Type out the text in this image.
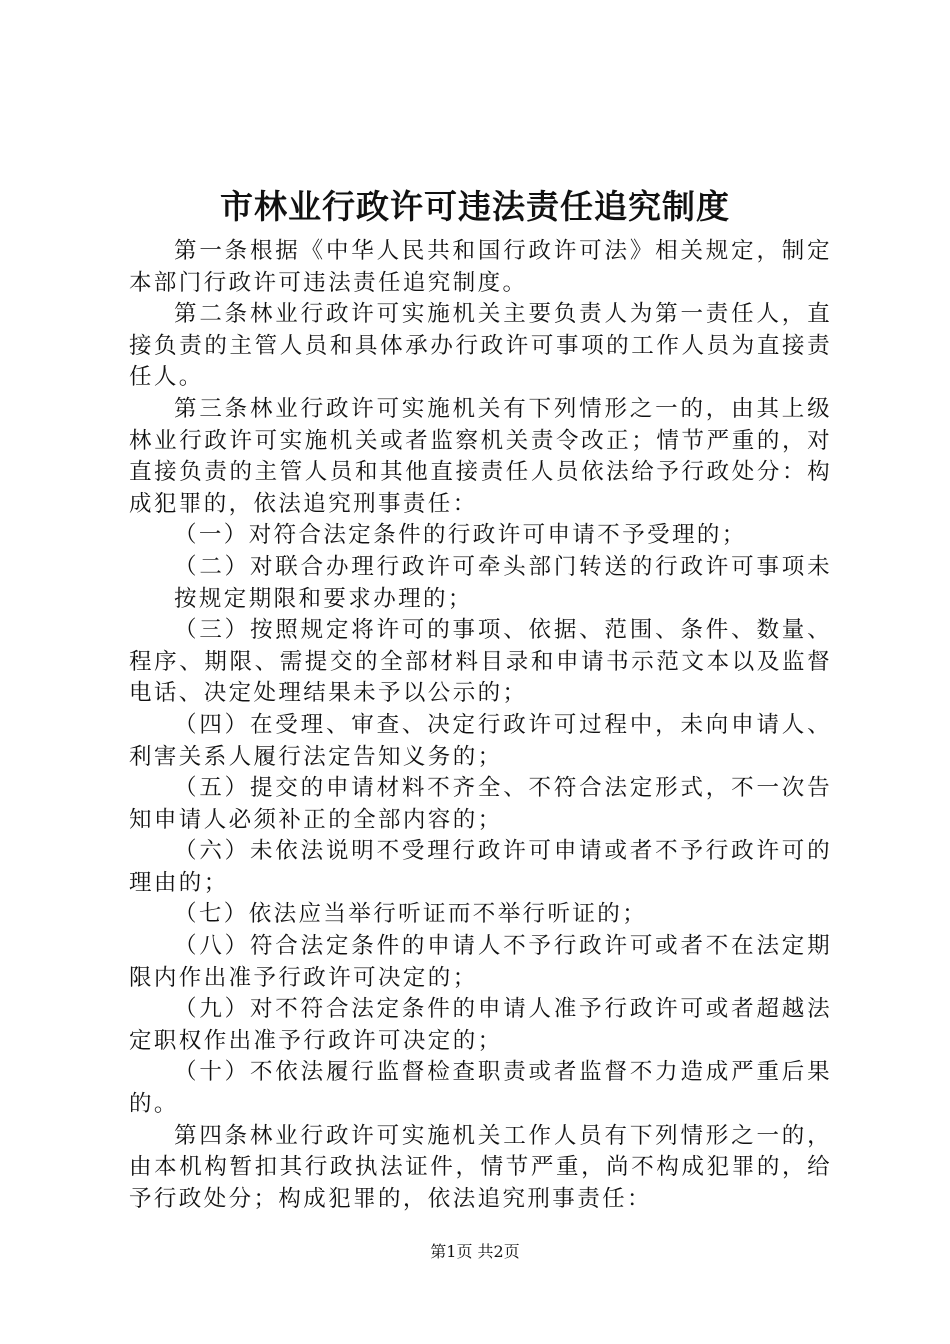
市林业行政许可违法责任追究制度

第一条根据《中华人民共和国行政许可法》相关规定，制定本部门行政许可违法责任追究制度。

第二条林业行政许可实施机关主要负责人为第一责任人，直接负责的主管人员和具体承办行政许可事项的工作人员为直接责任人。

第三条林业行政许可实施机关有下列情形之一的，由其上级林业行政许可实施机关或者监察机关责令改正；情节严重的，对直接负责的主管人员和其他直接责任人员依法给予行政处分：构成犯罪的，依法追究刑事责任：

（一）对符合法定条件的行政许可申请不予受理的；

（二）对联合办理行政许可牵头部门转送的行政许可事项未按规定期限和要求办理的；

（三）按照规定将许可的事项、依据、范围、条件、数量、程序、期限、需提交的全部材料目录和申请书示范文本以及监督电话、决定处理结果未予以公示的；

（四）在受理、审查、决定行政许可过程中，未向申请人、利害关系人履行法定告知义务的；

（五）提交的申请材料不齐全、不符合法定形式，不一次告知申请人必须补正的全部内容的；

（六）未依法说明不受理行政许可申请或者不予行政许可的理由的；

（七）依法应当举行听证而不举行听证的；

（八）符合法定条件的申请人不予行政许可或者不在法定期限内作出准予行政许可决定的；

（九）对不符合法定条件的申请人准予行政许可或者超越法定职权作出准予行政许可决定的；

（十）不依法履行监督检查职责或者监督不力造成严重后果的。

第四条林业行政许可实施机关工作人员有下列情形之一的，由本机构暂扣其行政执法证件，情节严重，尚不构成犯罪的，给予行政处分；构成犯罪的，依法追究刑事责任：

第1页 共2页
